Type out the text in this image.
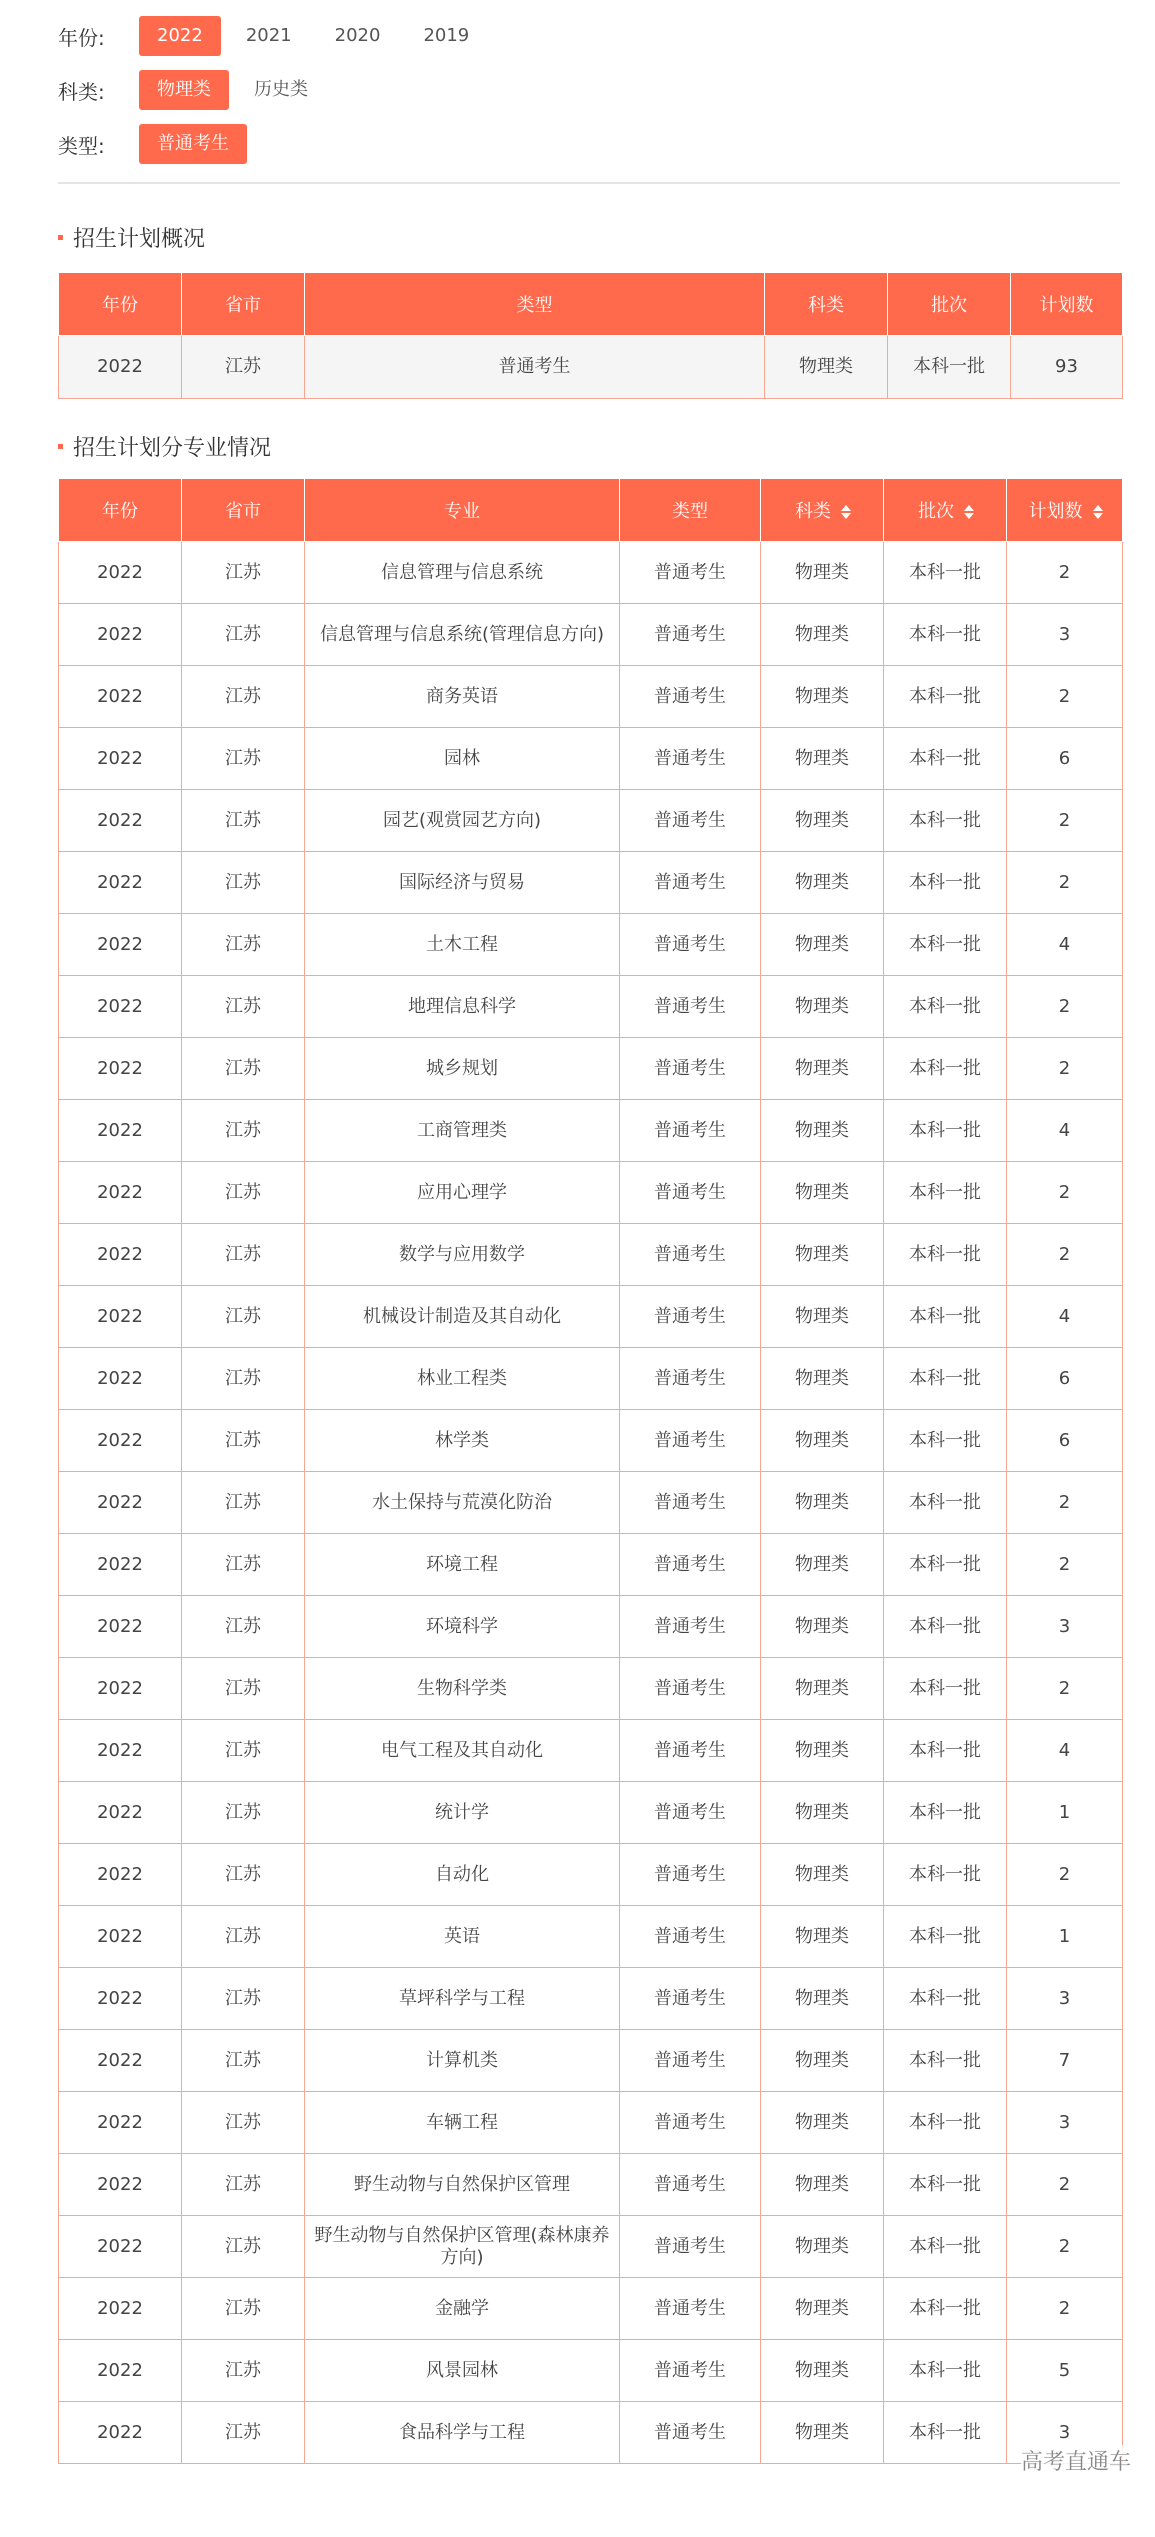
年份:	2022	2021	2020	2019
科类:	物理类	历史类
类型:	普通考生
招生计划概况
年份	省市	类型	科类	批次	计划数
2022	江苏	普通考生	物理类	本科一批	93
招生计划分专业情况
年份	省市	专业	类型	科类	批次	计划数

2022	江苏	信息管理与信息系统	普通考生	物理类	本科一批	2
2022	江苏	信息管理与信息系统(管理信息方向)	普通考生	物理类	本科一批	3
2022	江苏	商务英语	普通考生	物理类	本科一批	2
2022	江苏	园林	普通考生	物理类	本科一批	6
2022	江苏	园艺(观赏园艺方向)	普通考生	物理类	本科一批	2
2022	江苏	国际经济与贸易	普通考生	物理类	本科一批	2
2022	江苏	土木工程	普通考生	物理类	本科一批	4
2022	江苏	地理信息科学	普通考生	物理类	本科一批	2
2022	江苏	城乡规划	普通考生	物理类	本科一批	2
2022	江苏	工商管理类	普通考生	物理类	本科一批	4
2022	江苏	应用心理学	普通考生	物理类	本科一批	2
2022	江苏	数学与应用数学	普通考生	物理类	本科一批	2
2022	江苏	机械设计制造及其自动化	普通考生	物理类	本科一批	4
2022	江苏	林业工程类	普通考生	物理类	本科一批	6
2022	江苏	林学类	普通考生	物理类	本科一批	6
2022	江苏	水土保持与荒漠化防治	普通考生	物理类	本科一批	2
2022	江苏	环境工程	普通考生	物理类	本科一批	2
2022	江苏	环境科学	普通考生	物理类	本科一批	3
2022	江苏	生物科学类	普通考生	物理类	本科一批	2
2022	江苏	电气工程及其自动化	普通考生	物理类	本科一批	4
2022	江苏	统计学	普通考生	物理类	本科一批	1
2022	江苏	自动化	普通考生	物理类	本科一批	2
2022	江苏	英语	普通考生	物理类	本科一批	1
2022	江苏	草坪科学与工程	普通考生	物理类	本科一批	3
2022	江苏	计算机类	普通考生	物理类	本科一批	7
2022	江苏	车辆工程	普通考生	物理类	本科一批	3
2022	江苏	野生动物与自然保护区管理	普通考生	物理类	本科一批	2
2022	江苏	野生动物与自然保护区管理(森林康养方向)	普通考生	物理类	本科一批	2
2022	江苏	金融学	普通考生	物理类	本科一批	2
2022	江苏	风景园林	普通考生	物理类	本科一批	5
2022	江苏	食品科学与工程	普通考生	物理类	本科一批	3
高考直通车
